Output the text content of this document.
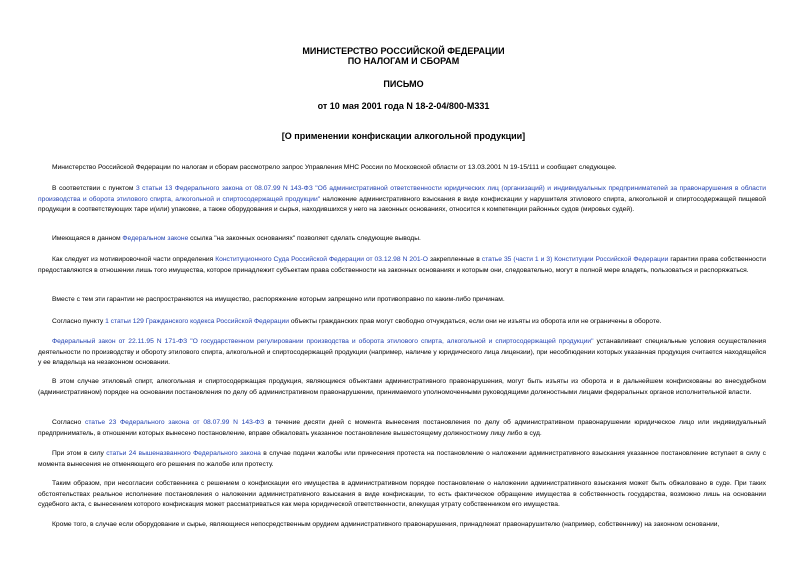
МИНИСТЕРСТВО РОССИЙСКОЙ ФЕДЕРАЦИИ
ПО НАЛОГАМ И СБОРАМ
ПИСЬМО
от 10 мая 2001 года N 18-2-04/800-М331
[О применении конфискации алкогольной продукции]

Министерство Российской Федерации по налогам и сборам рассмотрело запрос Управления МНС России по Московской области от 13.03.2001 N 19-15/111 и сообщает следующее.

В соответствии с пунктом 3 статьи 13 Федерального закона от 08.07.99 N 143-ФЗ "Об административной ответственности юридических лиц (организаций) и индивидуальных предпринимателей за правонарушения в области производства и оборота этилового спирта, алкогольной и спиртосодержащей продукции" наложение административного взыскания в виде конфискации у нарушителя этилового спирта, алкогольной и спиртосодержащей пищевой продукции в соответствующих таре и(или) упаковке, а также оборудования и сырья, находившихся у него на законных основаниях, относится к компетенции районных судов (мировых судей).

Имеющаяся в данном Федеральном законе ссылка "на законных основаниях" позволяет сделать следующие выводы.

Как следует из мотивировочной части определения Конституционного Суда Российской Федерации от 03.12.98 N 201-О закрепленные в статье 35 (части 1 и 3) Конституции Российской Федерации гарантии права собственности предоставляются в отношении лишь того имущества, которое принадлежит субъектам права собственности на законных основаниях и которым они, следовательно, могут в полной мере владеть, пользоваться и распоряжаться.

Вместе с тем эти гарантии не распространяются на имущество, распоряжение которым запрещено или противоправно по каким-либо причинам.

Согласно пункту 1 статьи 129 Гражданского кодекса Российской Федерации объекты гражданских прав могут свободно отчуждаться, если они не изъяты из оборота или не ограничены в обороте.

Федеральный закон от 22.11.95 N 171-ФЗ "О государственном регулировании производства и оборота этилового спирта, алкогольной и спиртосодержащей продукции" устанавливает специальные условия осуществления деятельности по производству и обороту этилового спирта, алкогольной и спиртосодержащей продукции (например, наличие у юридического лица лицензии), при несоблюдении которых указанная продукция считается находящейся у ее владельца на незаконном основании.

В этом случае этиловый спирт, алкогольная и спиртосодержащая продукция, являющиеся объектами административного правонарушения, могут быть изъяты из оборота и в дальнейшем конфискованы во внесудебном (административном) порядке на основании постановления по делу об административном правонарушении, принимаемого уполномоченными руководящими должностными лицами федеральных органов исполнительной власти.

Согласно статье 23 Федерального закона от 08.07.99 N 143-ФЗ в течение десяти дней с момента вынесения постановления по делу об административном правонарушении юридическое лицо или индивидуальный предприниматель, в отношении которых вынесено постановление, вправе обжаловать указанное постановление вышестоящему должностному лицу либо в суд.

При этом в силу статьи 24 вышеназванного Федерального закона в случае подачи жалобы или принесения протеста на постановление о наложении административного взыскания указанное постановление вступает в силу с момента вынесения не отменяющего его решения по жалобе или протесту.

Таким образом, при несогласии собственника с решением о конфискации его имущества в административном порядке постановление о наложении административного взыскания может быть обжаловано в суде. При таких обстоятельствах реальное исполнение постановления о наложении административного взыскания в виде конфискации, то есть фактическое обращение имущества в собственность государства, возможно лишь на основании судебного акта, с вынесением которого конфискация может рассматриваться как мера юридической ответственности, влекущая утрату собственником его имущества.

Кроме того, в случае если оборудование и сырье, являющиеся непосредственным орудием административного правонарушения, принадлежат правонарушителю (например, собственнику) на законном основании,
